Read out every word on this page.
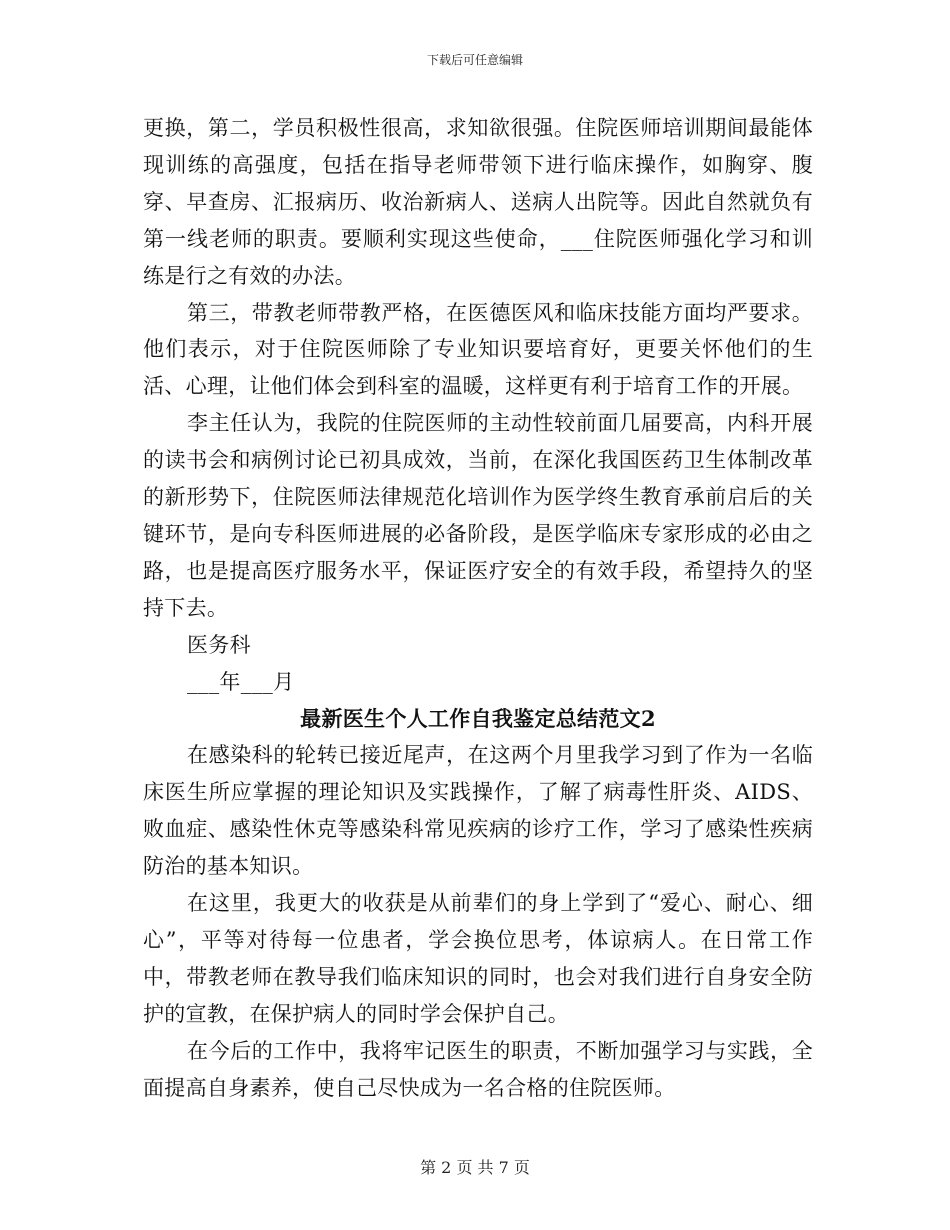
下载后可任意编辑

更换，第二，学员积极性很高，求知欲很强。住院医师培训期间最能体现训练的高强度，包括在指导老师带领下进行临床操作，如胸穿、腹穿、早查房、汇报病历、收治新病人、送病人出院等。因此自然就负有第一线老师的职责。要顺利实现这些使命，___住院医师强化学习和训练是行之有效的办法。

第三，带教老师带教严格，在医德医风和临床技能方面均严要求。他们表示，对于住院医师除了专业知识要培育好，更要关怀他们的生活、心理，让他们体会到科室的温暖，这样更有利于培育工作的开展。

李主任认为，我院的住院医师的主动性较前面几届要高，内科开展的读书会和病例讨论已初具成效，当前，在深化我国医药卫生体制改革的新形势下，住院医师法律规范化培训作为医学终生教育承前启后的关键环节，是向专科医师进展的必备阶段，是医学临床专家形成的必由之路，也是提高医疗服务水平，保证医疗安全的有效手段，希望持久的坚持下去。

医务科

___年___月

最新医生个人工作自我鉴定总结范文2

在感染科的轮转已接近尾声，在这两个月里我学习到了作为一名临床医生所应掌握的理论知识及实践操作，了解了病毒性肝炎、AIDS、败血症、感染性休克等感染科常见疾病的诊疗工作，学习了感染性疾病防治的基本知识。

在这里，我更大的收获是从前辈们的身上学到了“爱心、耐心、细心”，平等对待每一位患者，学会换位思考，体谅病人。在日常工作中，带教老师在教导我们临床知识的同时，也会对我们进行自身安全防护的宣教，在保护病人的同时学会保护自己。

在今后的工作中，我将牢记医生的职责，不断加强学习与实践，全面提高自身素养，使自己尽快成为一名合格的住院医师。

第 2 页 共 7 页
